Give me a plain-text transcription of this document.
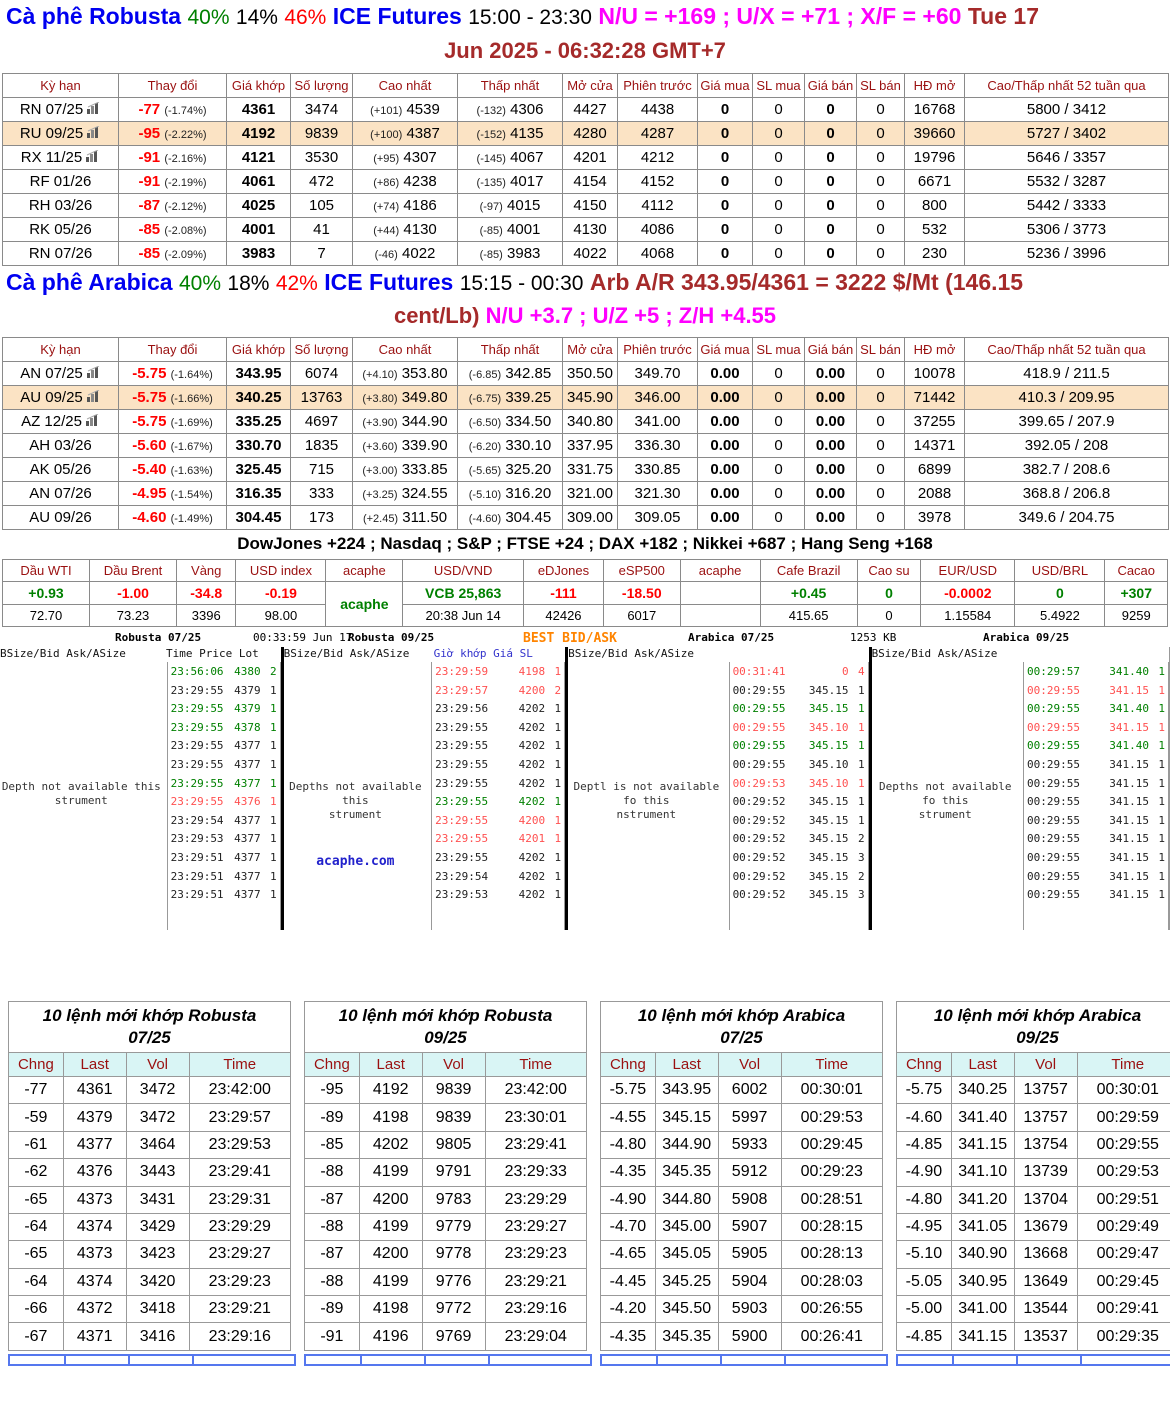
Cà phê Robusta 40% 14% 46% ICE Futures 15:00 - 23:30 N/U = +169 ; U/X = +71 ; X/F = +60 Tue 17
Jun 2025 - 06:32:28 GMT+7
Kỳ hạn	Thay đổi	Giá khớp	Số lượng	Cao nhất	Thấp nhất	Mở cửa	Phiên trước	Giá mua	SL mua	Giá bán	SL bán	HĐ mở	Cao/Thấp nhất 52 tuần qua
RN 07/25	-77 (-1.74%)	4361	3474	(+101) 4539	(-132) 4306	4427	4438	0	0	0	0	16768	5800 / 3412
RU 09/25	-95 (-2.22%)	4192	9839	(+100) 4387	(-152) 4135	4280	4287	0	0	0	0	39660	5727 / 3402
RX 11/25	-91 (-2.16%)	4121	3530	(+95) 4307	(-145) 4067	4201	4212	0	0	0	0	19796	5646 / 3357
RF 01/26	-91 (-2.19%)	4061	472	(+86) 4238	(-135) 4017	4154	4152	0	0	0	0	6671	5532 / 3287
RH 03/26	-87 (-2.12%)	4025	105	(+74) 4186	(-97) 4015	4150	4112	0	0	0	0	800	5442 / 3333
RK 05/26	-85 (-2.08%)	4001	41	(+44) 4130	(-85) 4001	4130	4086	0	0	0	0	532	5306 / 3773
RN 07/26	-85 (-2.09%)	3983	7	(-46) 4022	(-85) 3983	4022	4068	0	0	0	0	230	5236 / 3996
Cà phê Arabica 40% 18% 42% ICE Futures 15:15 - 00:30 Arb A/R 343.95/4361 = 3222 $/Mt (146.15
cent/Lb) N/U +3.7 ; U/Z +5 ; Z/H +4.55
Kỳ hạn	Thay đổi	Giá khớp	Số lượng	Cao nhất	Thấp nhất	Mở cửa	Phiên trước	Giá mua	SL mua	Giá bán	SL bán	HĐ mở	Cao/Thấp nhất 52 tuần qua
AN 07/25	-5.75 (-1.64%)	343.95	6074	(+4.10) 353.80	(-6.85) 342.85	350.50	349.70	0.00	0	0.00	0	10078	418.9 / 211.5
AU 09/25	-5.75 (-1.66%)	340.25	13763	(+3.80) 349.80	(-6.75) 339.25	345.90	346.00	0.00	0	0.00	0	71442	410.3 / 209.95
AZ 12/25	-5.75 (-1.69%)	335.25	4697	(+3.90) 344.90	(-6.50) 334.50	340.80	341.00	0.00	0	0.00	0	37255	399.65 / 207.9
AH 03/26	-5.60 (-1.67%)	330.70	1835	(+3.60) 339.90	(-6.20) 330.10	337.95	336.30	0.00	0	0.00	0	14371	392.05 / 208
AK 05/26	-5.40 (-1.63%)	325.45	715	(+3.00) 333.85	(-5.65) 325.20	331.75	330.85	0.00	0	0.00	0	6899	382.7 / 208.6
AN 07/26	-4.95 (-1.54%)	316.35	333	(+3.25) 324.55	(-5.10) 316.20	321.00	321.30	0.00	0	0.00	0	2088	368.8 / 206.8
AU 09/26	-4.60 (-1.49%)	304.45	173	(+2.45) 311.50	(-4.60) 304.45	309.00	309.05	0.00	0	0.00	0	3978	349.6 / 204.75
DowJones +224 ; Nasdaq ; S&P ; FTSE +24 ; DAX +182 ; Nikkei +687 ; Hang Seng +168
Dầu WTI	Dầu Brent	Vàng	USD index	acaphe	USD/VND	eDJones	eSP500	acaphe	Cafe Brazil	Cao su	EUR/USD	USD/BRL	Cacao
+0.93	-1.00	-34.8	-0.19	acaphe	VCB 25,863	-111	-18.50		+0.45	0	-0.0002	0	+307
72.70	73.23	3396	98.00		20:38 Jun 14	42426	6017		415.65	0	1.15584	5.4922	9259
Robusta 07/25	00:33:59 Jun 17
Robusta 09/25	BEST BID/ASK	Arabica 07/25	1253 KB	Arabica 09/25
BSize/Bid Ask/ASize	Time Price Lot
Depth not available this
strument
23:56:06 4380 2
23:29:55 4379 1
23:29:55 4379 1
23:29:55 4378 1
23:29:55 4377 1
23:29:55 4377 1
23:29:55 4377 1
23:29:55 4376 1
23:29:54 4377 1
23:29:53 4377 1
23:29:51 4377 1
23:29:51 4377 1
23:29:51 4377 1
BSize/Bid Ask/ASize Giờ khớp Giá SL
Depths not available this
strument
acaphe.com
23:29:59	4198 1
23:29:57	4200 2
23:29:56	4202 1
23:29:55	4202 1
23:29:55	4202 1
23:29:55	4202 1
23:29:55	4202 1
23:29:55	4202 1
23:29:55	4200 1
23:29:55	4201 1
23:29:55	4202 1
23:29:54	4202 1
23:29:53	4202 1
BSize/Bid Ask/ASize
Deptl is not available fo this
nstrument
00:31:41	0 4
00:29:55	345.15 1
00:29:55	345.15 1
00:29:55	345.10 1
00:29:55	345.15 1
00:29:55	345.10 1
00:29:53	345.10 1
00:29:52	345.15 1
00:29:52	345.15 1
00:29:52	345.15 2
00:29:52	345.15 3
00:29:52	345.15 2
00:29:52	345.15 3
BSize/Bid Ask/ASize
Depths not available fo this
strument
00:29:57	341.40 1
00:29:55	341.15 1
00:29:55	341.40 1
00:29:55	341.15 1
00:29:55	341.40 1
00:29:55	341.15 1
00:29:55	341.15 1
00:29:55	341.15 1
00:29:55	341.15 1
00:29:55	341.15 1
00:29:55	341.15 1
00:29:55	341.15 1
00:29:55	341.15 1
10 lệnh mới khớp Robusta
07/25			

Chng	Last	Vol	Time
-77	4361	3472	23:42:00
-59	4379	3472	23:29:57
-61	4377	3464	23:29:53
-62	4376	3443	23:29:41
-65	4373	3431	23:29:31
-64	4374	3429	23:29:29
-65	4373	3423	23:29:27
-64	4374	3420	23:29:23
-66	4372	3418	23:29:21
-67	4371	3416	23:29:16
10 lệnh mới khớp Robusta
09/25			

Chng	Last	Vol	Time
-95	4192	9839	23:42:00
-89	4198	9839	23:30:01
-85	4202	9805	23:29:41
-88	4199	9791	23:29:33
-87	4200	9783	23:29:29
-88	4199	9779	23:29:27
-87	4200	9778	23:29:23
-88	4199	9776	23:29:21
-89	4198	9772	23:29:16
-91	4196	9769	23:29:04
10 lệnh mới khớp Arabica
07/25			

Chng	Last	Vol	Time
-5.75	343.95	6002	00:30:01
-4.55	345.15	5997	00:29:53
-4.80	344.90	5933	00:29:45
-4.35	345.35	5912	00:29:23
-4.90	344.80	5908	00:28:51
-4.70	345.00	5907	00:28:15
-4.65	345.05	5905	00:28:13
-4.45	345.25	5904	00:28:03
-4.20	345.50	5903	00:26:55
-4.35	345.35	5900	00:26:41
10 lệnh mới khớp Arabica
09/25			

Chng	Last	Vol	Time
-5.75	340.25	13757	00:30:01
-4.60	341.40	13757	00:29:59
-4.85	341.15	13754	00:29:55
-4.90	341.10	13739	00:29:53
-4.80	341.20	13704	00:29:51
-4.95	341.05	13679	00:29:49
-5.10	340.90	13668	00:29:47
-5.05	340.95	13649	00:29:45
-5.00	341.00	13544	00:29:41
-4.85	341.15	13537	00:29:35
